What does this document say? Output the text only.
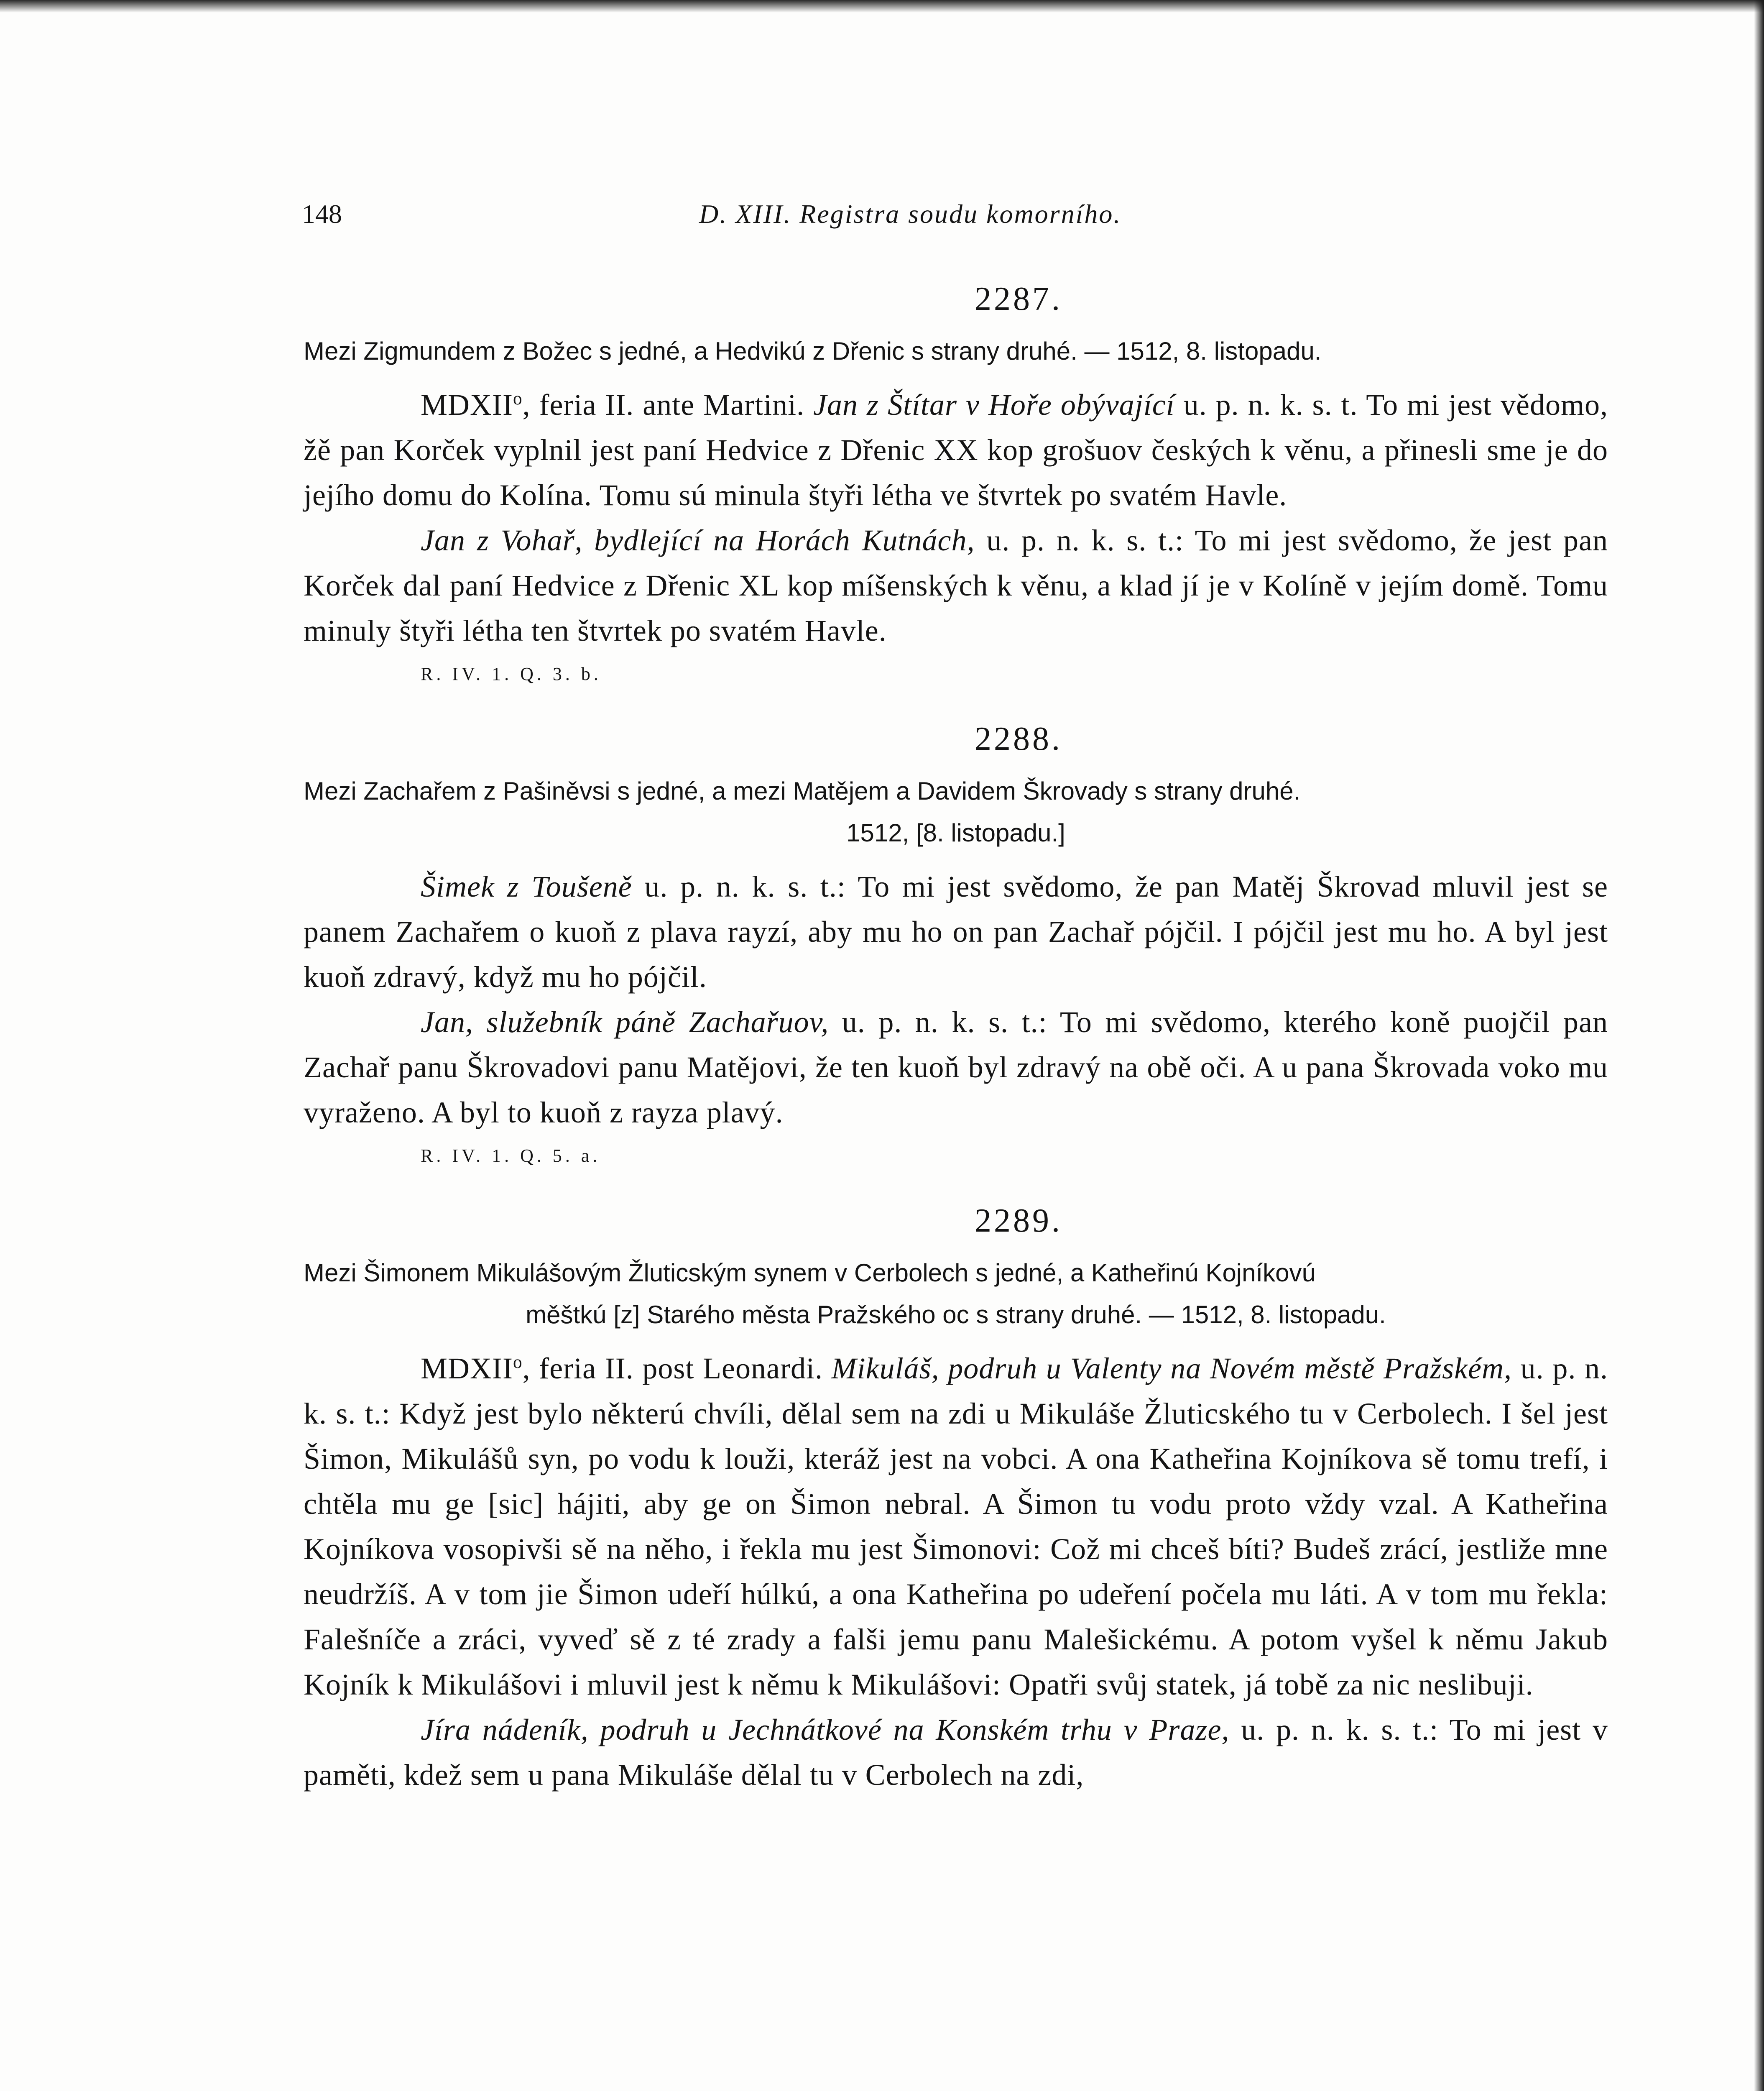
148	D. XIII. Registra soudu komorního.
2287.
Mezi Zigmundem z Božec s jedné, a Hedvikú z Dřenic s strany druhé. — 1512, 8. listopadu.

MDXII$^o$, feria II. ante Martini. Jan z Štítar v Hoře obývající u. p. n. k. s. t. To mi jest vědomo, žě pan Korček vyplnil jest paní Hedvice z Dřenic XX kop grošuov českých k věnu, a přinesli sme je do jejího domu do Kolína. Tomu sú minula štyři létha ve štvrtek po svatém Havle.

Jan z Vohař, bydlející na Horách Kutnách, u. p. n. k. s. t.: To mi jest svědomo, že jest pan Korček dal paní Hedvice z Dřenic XL kop míšenských k věnu, a klad jí je v Kolíně v jejím domě. Tomu minuly štyři létha ten štvrtek po svatém Havle.

R. IV. 1. Q. 3. b.
2288.
Mezi Zachařem z Pašiněvsi s jedné, a mezi Matějem a Davidem Škrovady s strany druhé.
1512, [8. listopadu.]

Šimek z Toušeně u. p. n. k. s. t.: To mi jest svědomo, že pan Matěj Škrovad mluvil jest se panem Zachařem o kuoň z plava rayzí, aby mu ho on pan Zachař pójčil. I pójčil jest mu ho. A byl jest kuoň zdravý, když mu ho pójčil.

Jan, služebník páně Zachařuov, u. p. n. k. s. t.: To mi svědomo, kterého koně puojčil pan Zachař panu Škrovadovi panu Matějovi, že ten kuoň byl zdravý na obě oči. A u pana Škrovada voko mu vyraženo. A byl to kuoň z rayza plavý.

R. IV. 1. Q. 5. a.
2289.
Mezi Šimonem Mikulášovým Žluticským synem v Cerbolech s jedné, a Katheřinú Kojníkovú
měštkú [z] Starého města Pražského oc s strany druhé. — 1512, 8. listopadu.

MDXII$^o$, feria II. post Leonardi. Mikuláš, podruh u Valenty na Novém městě Pražském, u. p. n. k. s. t.: Když jest bylo některú chvíli, dělal sem na zdi u Mikuláše Žluticského tu v Cerbolech. I šel jest Šimon, Mikulášů syn, po vodu k louži, kteráž jest na vobci. A ona Katheřina Kojníkova sě tomu trefí, i chtěla mu ge [sic] hájiti, aby ge on Šimon nebral. A Šimon tu vodu proto vždy vzal. A Katheřina Kojníkova vosopivši sě na něho, i řekla mu jest Šimonovi: Což mi chceš bíti? Budeš zrácí, jestliže mne neudržíš. A v tom jie Šimon udeří húlkú, a ona Katheřina po udeření počela mu láti. A v tom mu řekla: Falešníče a zráci, vyveď sě z té zrady a falši jemu panu Malešickému. A potom vyšel k němu Jakub Kojník k Mikulášovi i mluvil jest k němu k Mikulášovi: Opatři svůj statek, já tobě za nic neslibuji.

Jíra nádeník, podruh u Jechnátkové na Konském trhu v Praze, u. p. n. k. s. t.: To mi jest v paměti, kdež sem u pana Mikuláše dělal tu v Cerbolech na zdi,
